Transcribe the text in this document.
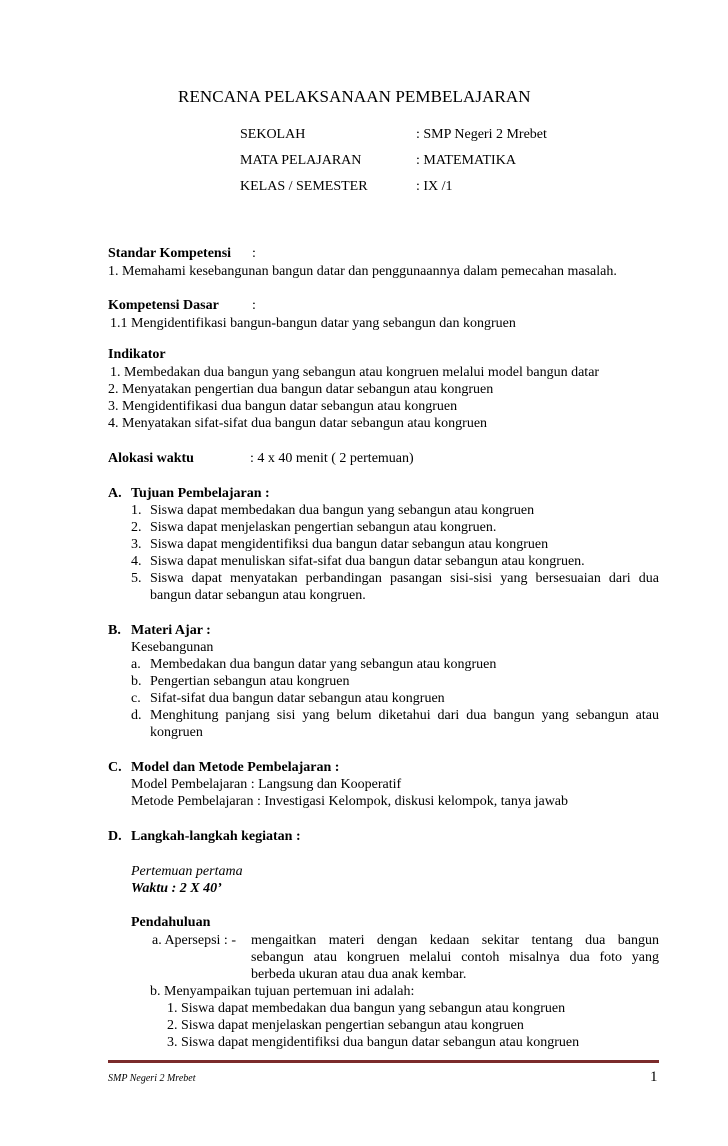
RENCANA PELAKSANAAN PEMBELAJARAN
SEKOLAH	: SMP Negeri 2 Mrebet
MATA PELAJARAN	: MATEMATIKA
KELAS / SEMESTER	: IX /1
Standar Kompetensi :
1. Memahami kesebangunan bangun datar dan penggunaannya dalam pemecahan masalah.
Kompetensi Dasar :
1.1 Mengidentifikasi bangun-bangun datar yang sebangun dan kongruen
Indikator
1. Membedakan dua bangun yang sebangun atau kongruen melalui model bangun datar
2. Menyatakan pengertian dua bangun datar sebangun atau kongruen
3. Mengidentifikasi dua bangun datar sebangun atau kongruen
4. Menyatakan sifat-sifat dua bangun datar sebangun atau kongruen
Alokasi waktu	: 4 x 40 menit ( 2 pertemuan)
A. Tujuan Pembelajaran :
1. Siswa dapat membedakan dua bangun yang sebangun atau kongruen
2. Siswa dapat menjelaskan pengertian sebangun atau kongruen.
3. Siswa dapat mengidentifiksi dua bangun datar sebangun atau kongruen
4. Siswa dapat menuliskan sifat-sifat dua bangun datar sebangun atau kongruen.
5. Siswa dapat menyatakan perbandingan pasangan sisi-sisi yang bersesuaian dari dua
bangun datar sebangun atau kongruen.
B. Materi Ajar :
Kesebangunan
a. Membedakan dua bangun datar yang sebangun atau kongruen
b. Pengertian sebangun atau kongruen
c. Sifat-sifat dua bangun datar sebangun atau kongruen
d. Menghitung panjang sisi yang belum diketahui dari dua bangun yang sebangun atau
kongruen
C. Model dan Metode Pembelajaran :
Model Pembelajaran : Langsung dan Kooperatif
Metode Pembelajaran : Investigasi Kelompok, diskusi kelompok, tanya jawab
D. Langkah-langkah kegiatan :
Pertemuan pertama
Waktu : 2 X 40’
Pendahuluan
a. Apersepsi : - mengaitkan materi dengan kedaan sekitar tentang dua bangun
sebangun atau kongruen melalui contoh misalnya dua foto yang
berbeda ukuran atau dua anak kembar.
b. Menyampaikan tujuan pertemuan ini adalah:
1. Siswa dapat membedakan dua bangun yang sebangun atau kongruen
2. Siswa dapat menjelaskan pengertian sebangun atau kongruen
3. Siswa dapat mengidentifiksi dua bangun datar sebangun atau kongruen
SMP Negeri 2 Mrebet	1
